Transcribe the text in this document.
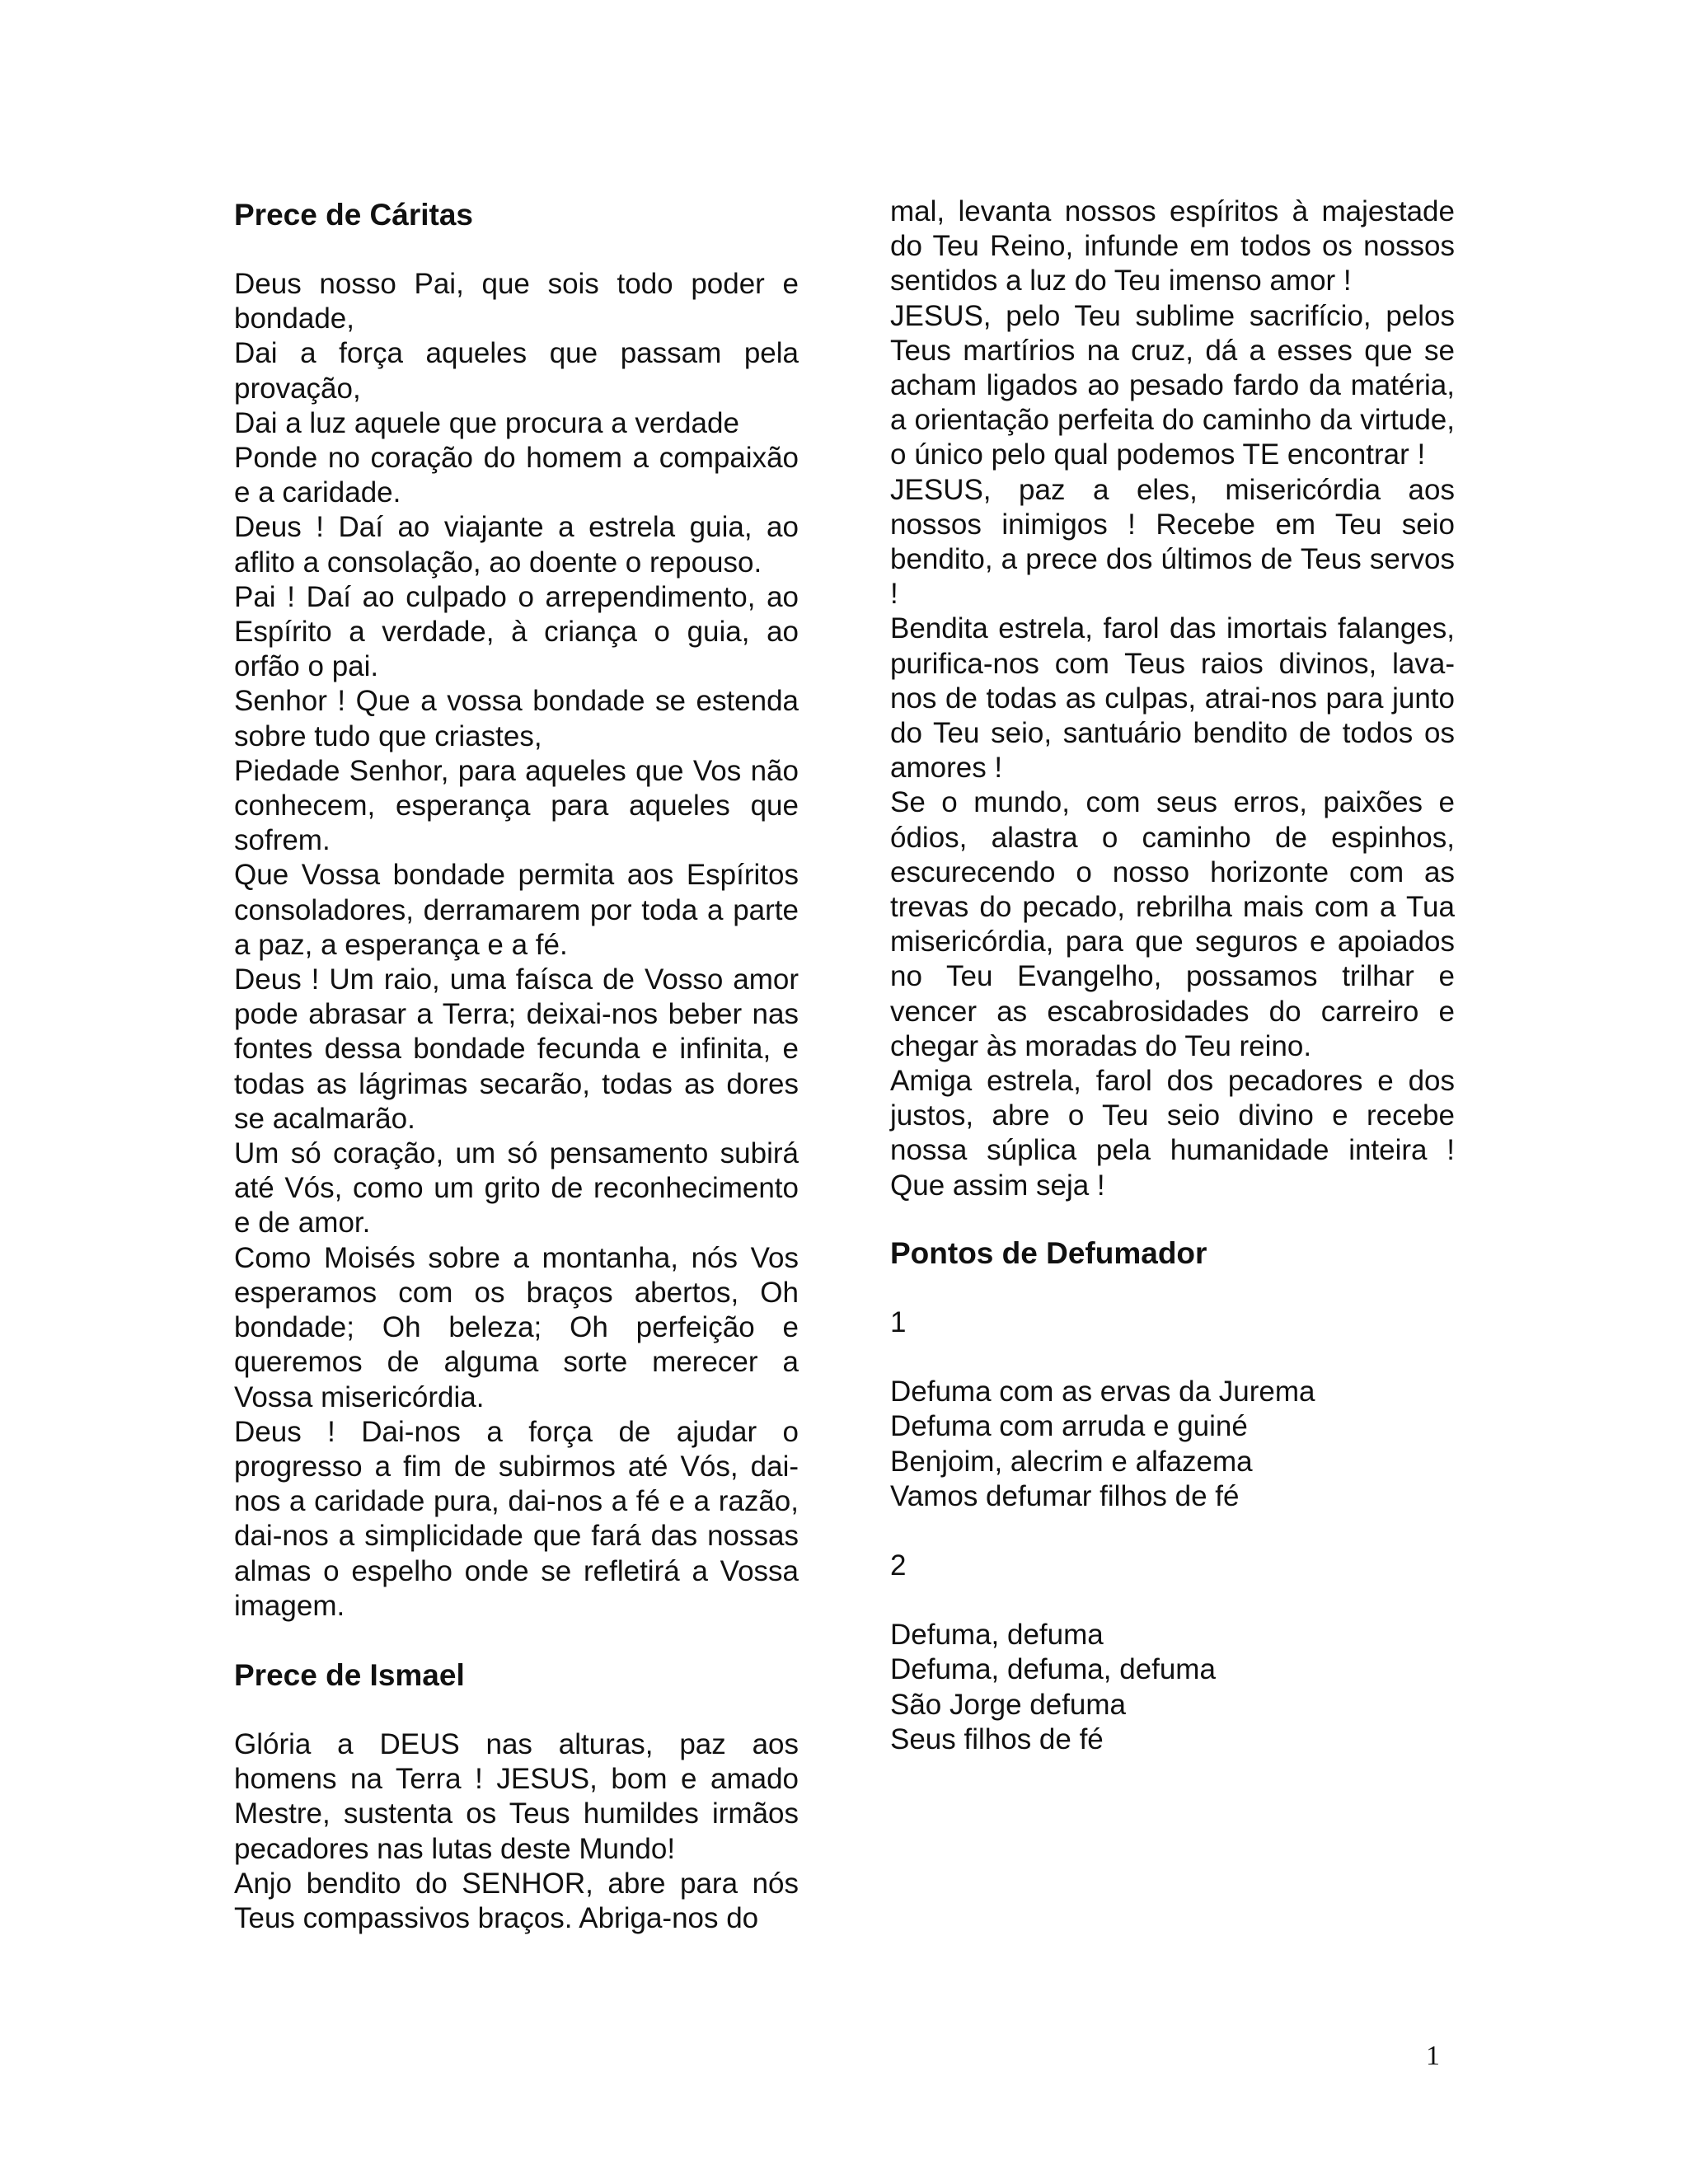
Prece de Cáritas

Deus nosso Pai, que sois todo poder e bondade,

Dai a força aqueles que passam pela provação,

Dai a luz aquele que procura a verdade

Ponde no coração do homem a compaixão e a caridade.

Deus ! Daí ao viajante a estrela guia, ao aflito a consolação, ao doente o repouso.

Pai ! Daí ao culpado o arrependimento, ao Espírito a verdade, à criança o guia, ao orfão o pai.

Senhor ! Que a vossa bondade se estenda sobre tudo que criastes,

Piedade Senhor, para aqueles que Vos não conhecem, esperança para aqueles que sofrem.

Que Vossa bondade permita aos Espíritos consoladores, derramarem por toda a parte a paz, a esperança e a fé.

Deus ! Um raio, uma faísca de Vosso amor pode abrasar a Terra; deixai-nos beber nas fontes dessa bondade fecunda e infinita, e todas as lágrimas secarão, todas as dores se acalmarão.

Um só coração, um só pensamento subirá até Vós, como um grito de reconhecimento e de amor.

Como Moisés sobre a montanha, nós Vos esperamos com os braços abertos, Oh bondade; Oh beleza; Oh perfeição e queremos de alguma sorte merecer a Vossa misericórdia.

Deus ! Dai-nos a força de ajudar o progresso a fim de subirmos até Vós, dai-nos a caridade pura, dai-nos a fé e a razão, dai-nos a simplicidade que fará das nossas almas o espelho onde se refletirá a Vossa imagem.

Prece de Ismael

Glória a DEUS nas alturas, paz aos homens na Terra ! JESUS, bom e amado Mestre, sustenta os Teus humildes irmãos pecadores nas lutas deste Mundo!

Anjo bendito do SENHOR, abre para nós Teus compassivos braços. Abriga-nos do

mal, levanta nossos espíritos à majestade do Teu Reino, infunde em todos os nossos sentidos a luz do Teu imenso amor !

JESUS, pelo Teu sublime sacrifício, pelos Teus martírios na cruz, dá a esses que se acham ligados ao pesado fardo da matéria, a orientação perfeita do caminho da virtude, o único pelo qual podemos TE encontrar !

JESUS, paz a eles, misericórdia aos nossos inimigos ! Recebe em Teu seio bendito, a prece dos últimos de Teus servos !

Bendita estrela, farol das imortais falanges, purifica-nos com Teus raios divinos, lava-nos de todas as culpas, atrai-nos para junto do Teu seio, santuário bendito de todos os amores !

Se o mundo, com seus erros, paixões e ódios, alastra o caminho de espinhos, escurecendo o nosso horizonte com as trevas do pecado, rebrilha mais com a Tua misericórdia, para que seguros e apoiados no Teu Evangelho, possamos trilhar e vencer as escabrosidades do carreiro e chegar às moradas do Teu reino.

Amiga estrela, farol dos pecadores e dos justos, abre o Teu seio divino e recebe nossa súplica pela humanidade inteira ! Que assim seja !

Pontos de Defumador
1
Defuma com as ervas da Jurema
Defuma com arruda e guiné
Benjoim, alecrim e alfazema
Vamos defumar filhos de fé
2
Defuma, defuma
Defuma, defuma, defuma
São Jorge defuma
Seus filhos de fé
1
